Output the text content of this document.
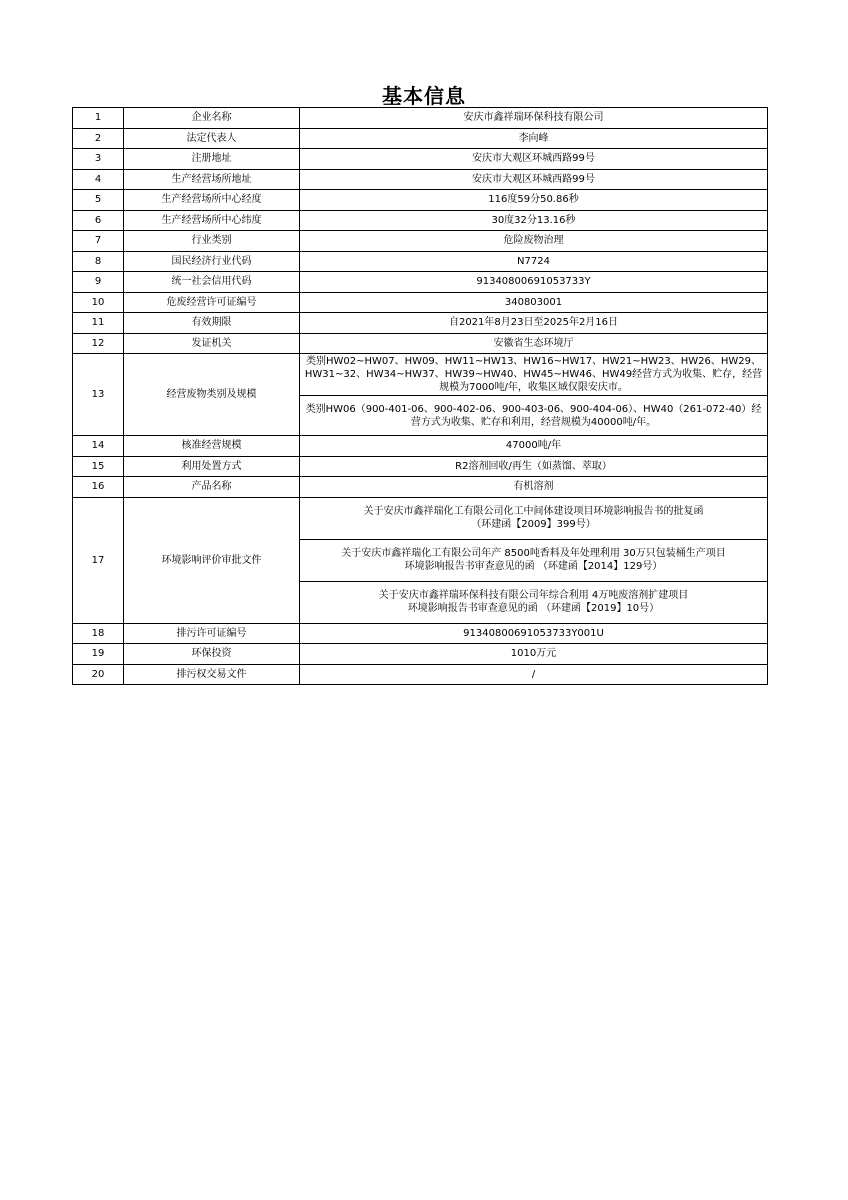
基本信息
1	企业名称	安庆市鑫祥瑞环保科技有限公司
2	法定代表人	李向峰
3	注册地址	安庆市大观区环城西路99号
4	生产经营场所地址	安庆市大观区环城西路99号
5	生产经营场所中心经度	116度59分50.86秒
6	生产经营场所中心纬度	30度32分13.16秒
7	行业类别	危险废物治理
8	国民经济行业代码	N7724
9	统一社会信用代码	91340800691053733Y
10	危废经营许可证编号	340803001
11	有效期限	自2021年8月23日至2025年2月16日
12	发证机关	安徽省生态环境厅
13	经营废物类别及规模	类别HW02~HW07、HW09、HW11~HW13、HW16~HW17、HW21~HW23、HW26、HW29、HW31~32、HW34~HW37、HW39~HW40、HW45~HW46、HW49经营方式为收集、贮存，经营规模为7000吨/年，收集区域仅限安庆市。
		类别HW06（900-401-06、900-402-06、900-403-06、900-404-06）、HW40（261-072-40）经营方式为收集、贮存和利用，经营规模为40000吨/年。
14	核准经营规模	47000吨/年
15	利用处置方式	R2溶剂回收/再生（如蒸馏、萃取）
16	产品名称	有机溶剂
17	环境影响评价审批文件	关于安庆市鑫祥瑞化工有限公司化工中间体建设项目环境影响报告书的批复函
（环建函【2009】399号）

		关于安庆市鑫祥瑞化工有限公司年产 8500吨香料及年处理利用 30万只包装桶生产项目
环境影响报告书审查意见的函 （环建函【2014】129号）

		关于安庆市鑫祥瑞环保科技有限公司年综合利用 4万吨废溶剂扩建项目
环境影响报告书审查意见的函 （环建函【2019】10号）

18	排污许可证编号	91340800691053733Y001U
19	环保投资	1010万元
20	排污权交易文件	/
